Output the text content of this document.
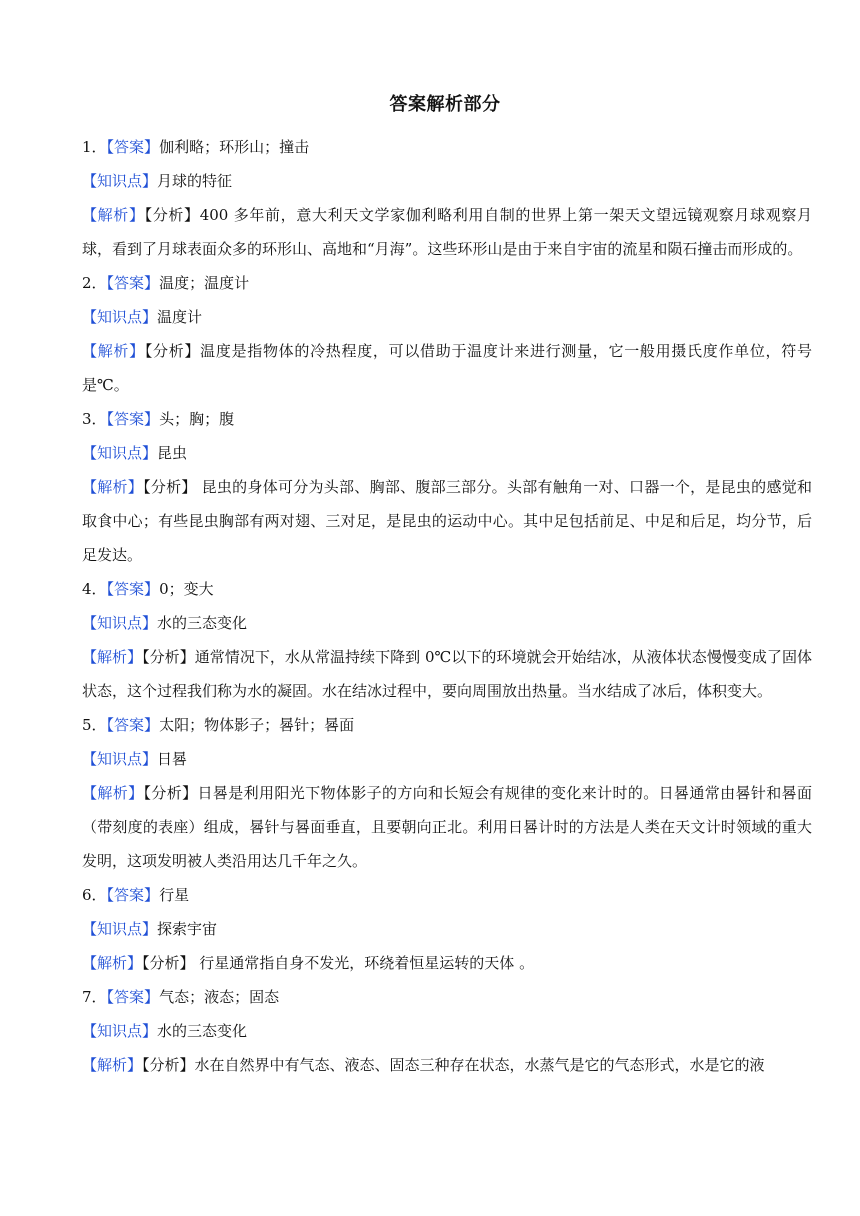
答案解析部分

1．【答案】伽利略；环形山；撞击

【知识点】月球的特征

【解析】【分析】400 多年前，意大利天文学家伽利略利用自制的世界上第一架天文望远镜观察月球观察月球，看到了月球表面众多的环形山、高地和“月海”。这些环形山是由于来自宇宙的流星和陨石撞击而形成的。

2．【答案】温度；温度计

【知识点】温度计

【解析】【分析】温度是指物体的冷热程度，可以借助于温度计来进行测量，它一般用摄氏度作单位，符号是℃。

3．【答案】头；胸；腹

【知识点】昆虫

【解析】【分析】 昆虫的身体可分为头部、胸部、腹部三部分。头部有触角一对、口器一个，是昆虫的感觉和取食中心；有些昆虫胸部有两对翅、三对足，是昆虫的运动中心。其中足包括前足、中足和后足，均分节，后足发达。

4．【答案】0；变大

【知识点】水的三态变化

【解析】【分析】通常情况下，水从常温持续下降到 0℃以下的环境就会开始结冰，从液体状态慢慢变成了固体状态，这个过程我们称为水的凝固。水在结冰过程中，要向周围放出热量。当水结成了冰后，体积变大。

5．【答案】太阳；物体影子；晷针；晷面

【知识点】日晷

【解析】【分析】日晷是利用阳光下物体影子的方向和长短会有规律的变化来计时的。日晷通常由晷针和晷面（带刻度的表座）组成，晷针与晷面垂直，且要朝向正北。利用日晷计时的方法是人类在天文计时领域的重大发明，这项发明被人类沿用达几千年之久。

6．【答案】行星

【知识点】探索宇宙

【解析】【分析】 行星通常指自身不发光，环绕着恒星运转的天体 。

7．【答案】气态；液态；固态

【知识点】水的三态变化

【解析】【分析】水在自然界中有气态、液态、固态三种存在状态，水蒸气是它的气态形式，水是它的液
